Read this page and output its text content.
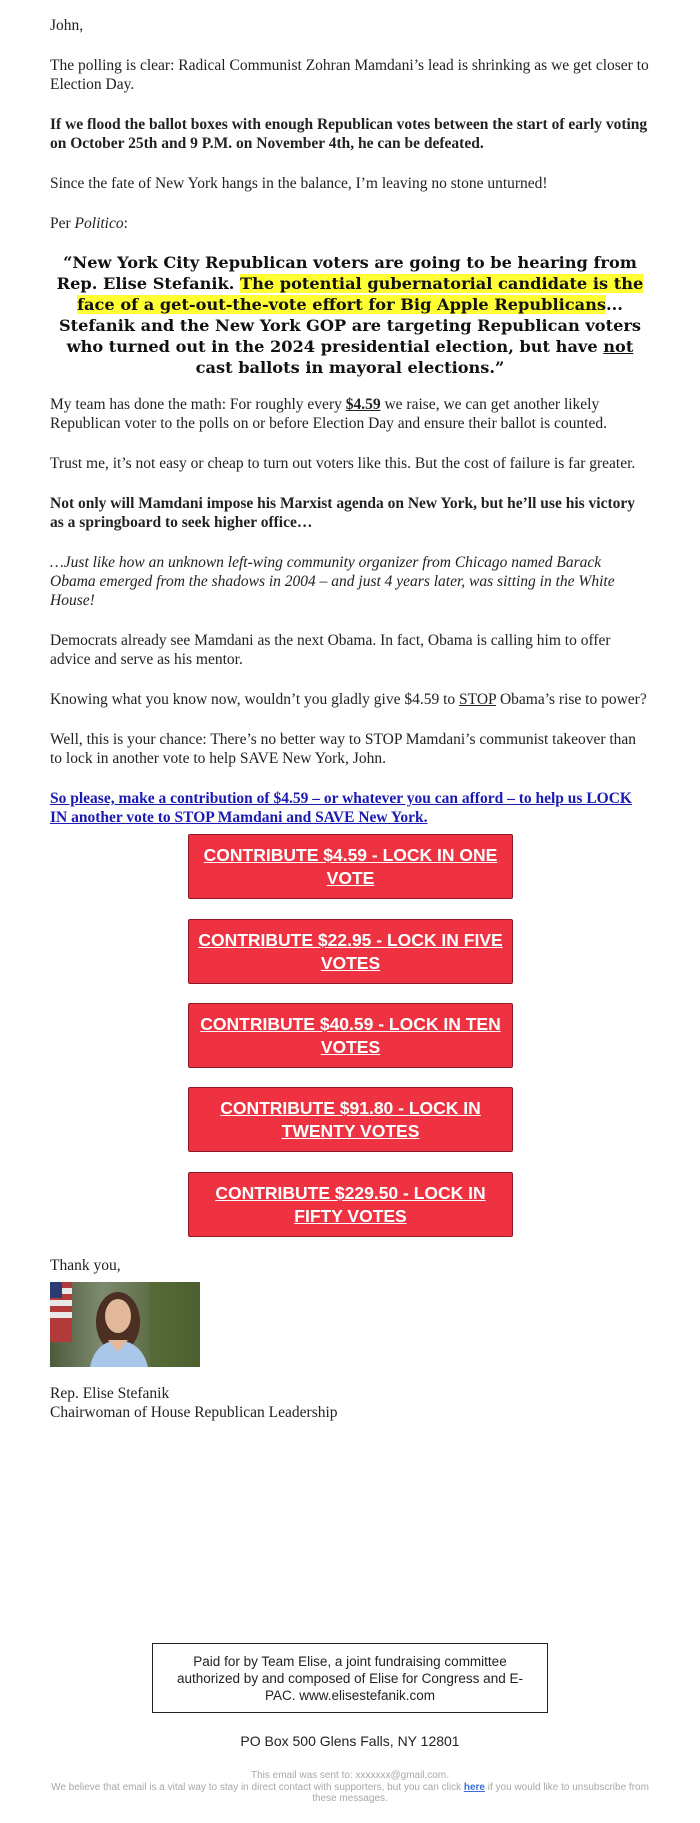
John,

The polling is clear: Radical Communist Zohran Mamdani’s lead is shrinking as we get closer to Election Day.

If we flood the ballot boxes with enough Republican votes between the start of early voting on October 25th and 9 P.M. on November 4th, he can be defeated.

Since the fate of New York hangs in the balance, I’m leaving no stone unturned!

Per Politico:

“New York City Republican voters are going to be hearing from Rep. Elise Stefanik. The potential gubernatorial candidate is the face of a get-out-the-vote effort for Big Apple Republicans... Stefanik and the New York GOP are targeting Republican voters who turned out in the 2024 presidential election, but have not cast ballots in mayoral elections.”

My team has done the math: For roughly every $4.59 we raise, we can get another likely Republican voter to the polls on or before Election Day and ensure their ballot is counted.

Trust me, it’s not easy or cheap to turn out voters like this. But the cost of failure is far greater.

Not only will Mamdani impose his Marxist agenda on New York, but he’ll use his victory as a springboard to seek higher office…

…Just like how an unknown left-wing community organizer from Chicago named Barack Obama emerged from the shadows in 2004 – and just 4 years later, was sitting in the White House!

Democrats already see Mamdani as the next Obama. In fact, Obama is calling him to offer advice and serve as his mentor.

Knowing what you know now, wouldn’t you gladly give $4.59 to STOP Obama’s rise to power?

Well, this is your chance: There’s no better way to STOP Mamdani’s communist takeover than to lock in another vote to help SAVE New York, John.

So please, make a contribution of $4.59 – or whatever you can afford – to help us LOCK IN another vote to STOP Mamdani and SAVE New York.

CONTRIBUTE $4.59 - LOCK IN ONE VOTE
CONTRIBUTE $22.95 - LOCK IN FIVE VOTES
CONTRIBUTE $40.59 - LOCK IN TEN VOTES
CONTRIBUTE $91.80 - LOCK IN TWENTY VOTES
CONTRIBUTE $229.50 - LOCK IN FIFTY VOTES

Thank you,

Rep. Elise Stefanik

Chairwoman of House Republican Leadership

Paid for by Team Elise, a joint fundraising committee authorized by and composed of Elise for Congress and E-PAC. www.elisestefanik.com
PO Box 500 Glens Falls, NY 12801
This email was sent to: xxxxxxx@gmail.com.
We believe that email is a vital way to stay in direct contact with supporters, but you can click here if you would like to unsubscribe from these messages.
